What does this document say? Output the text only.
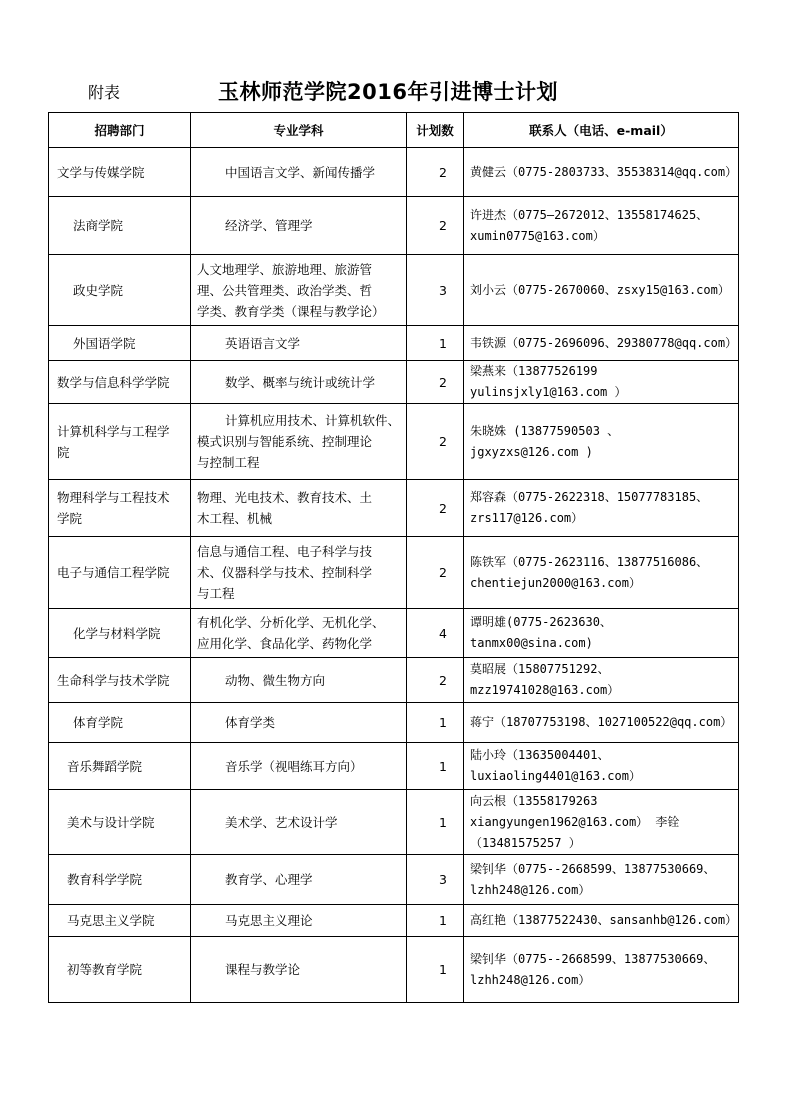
附表	玉林师范学院2016年引进博士计划
招聘部门	专业学科	计划数	联系人（电话、e-mail）
文学与传媒学院	中国语言文学、新闻传播学	2	黄健云（0775-2803733、35538314@qq.com）
法商学院	经济学、管理学	2	许进杰（0775—2672012、13558174625、
xumin0775@163.com）
政史学院	人文地理学、旅游地理、旅游管
理、公共管理类、政治学类、哲
学类、教育学类（课程与教学论）	3	刘小云（0775-2670060、zsxy15@163.com）
外国语学院	英语语言文学	1	韦铁源（0775-2696096、29380778@qq.com）
数学与信息科学学院	数学、概率与统计或统计学	2	梁燕来（13877526199
yulinsjxly1@163.com ）
计算机科学与工程学
院	计算机应用技术、计算机软件、
模式识别与智能系统、控制理论
与控制工程	2	朱晓姝 (13877590503 、
jgxyzxs@126.com )
物理科学与工程技术
学院	物理、光电技术、教育技术、土
木工程、机械	2	郑容森（0775-2622318、15077783185、
zrs117@126.com）
电子与通信工程学院	信息与通信工程、电子科学与技
术、仪器科学与技术、控制科学
与工程	2	陈铁军（0775-2623116、13877516086、
chentiejun2000@163.com）
化学与材料学院	有机化学、分析化学、无机化学、
应用化学、食品化学、药物化学	4	谭明雄(0775-2623630、tanmx00@sina.com)
生命科学与技术学院	动物、微生物方向	2	莫昭展（15807751292、
mzz19741028@163.com）
体育学院	体育学类	1	蒋宁（18707753198、1027100522@qq.com）
音乐舞蹈学院	音乐学（视唱练耳方向）	1	陆小玲（13635004401、
luxiaoling4401@163.com）
美术与设计学院	美术学、艺术设计学	1	向云根（13558179263
xiangyungen1962@163.com） 李铨
（13481575257 ）
教育科学学院	教育学、心理学	3	梁钊华（0775--2668599、13877530669、
lzhh248@126.com）
马克思主义学院	马克思主义理论	1	高红艳（13877522430、sansanhb@126.com）
初等教育学院	课程与教学论	1	梁钊华（0775--2668599、13877530669、
lzhh248@126.com）
